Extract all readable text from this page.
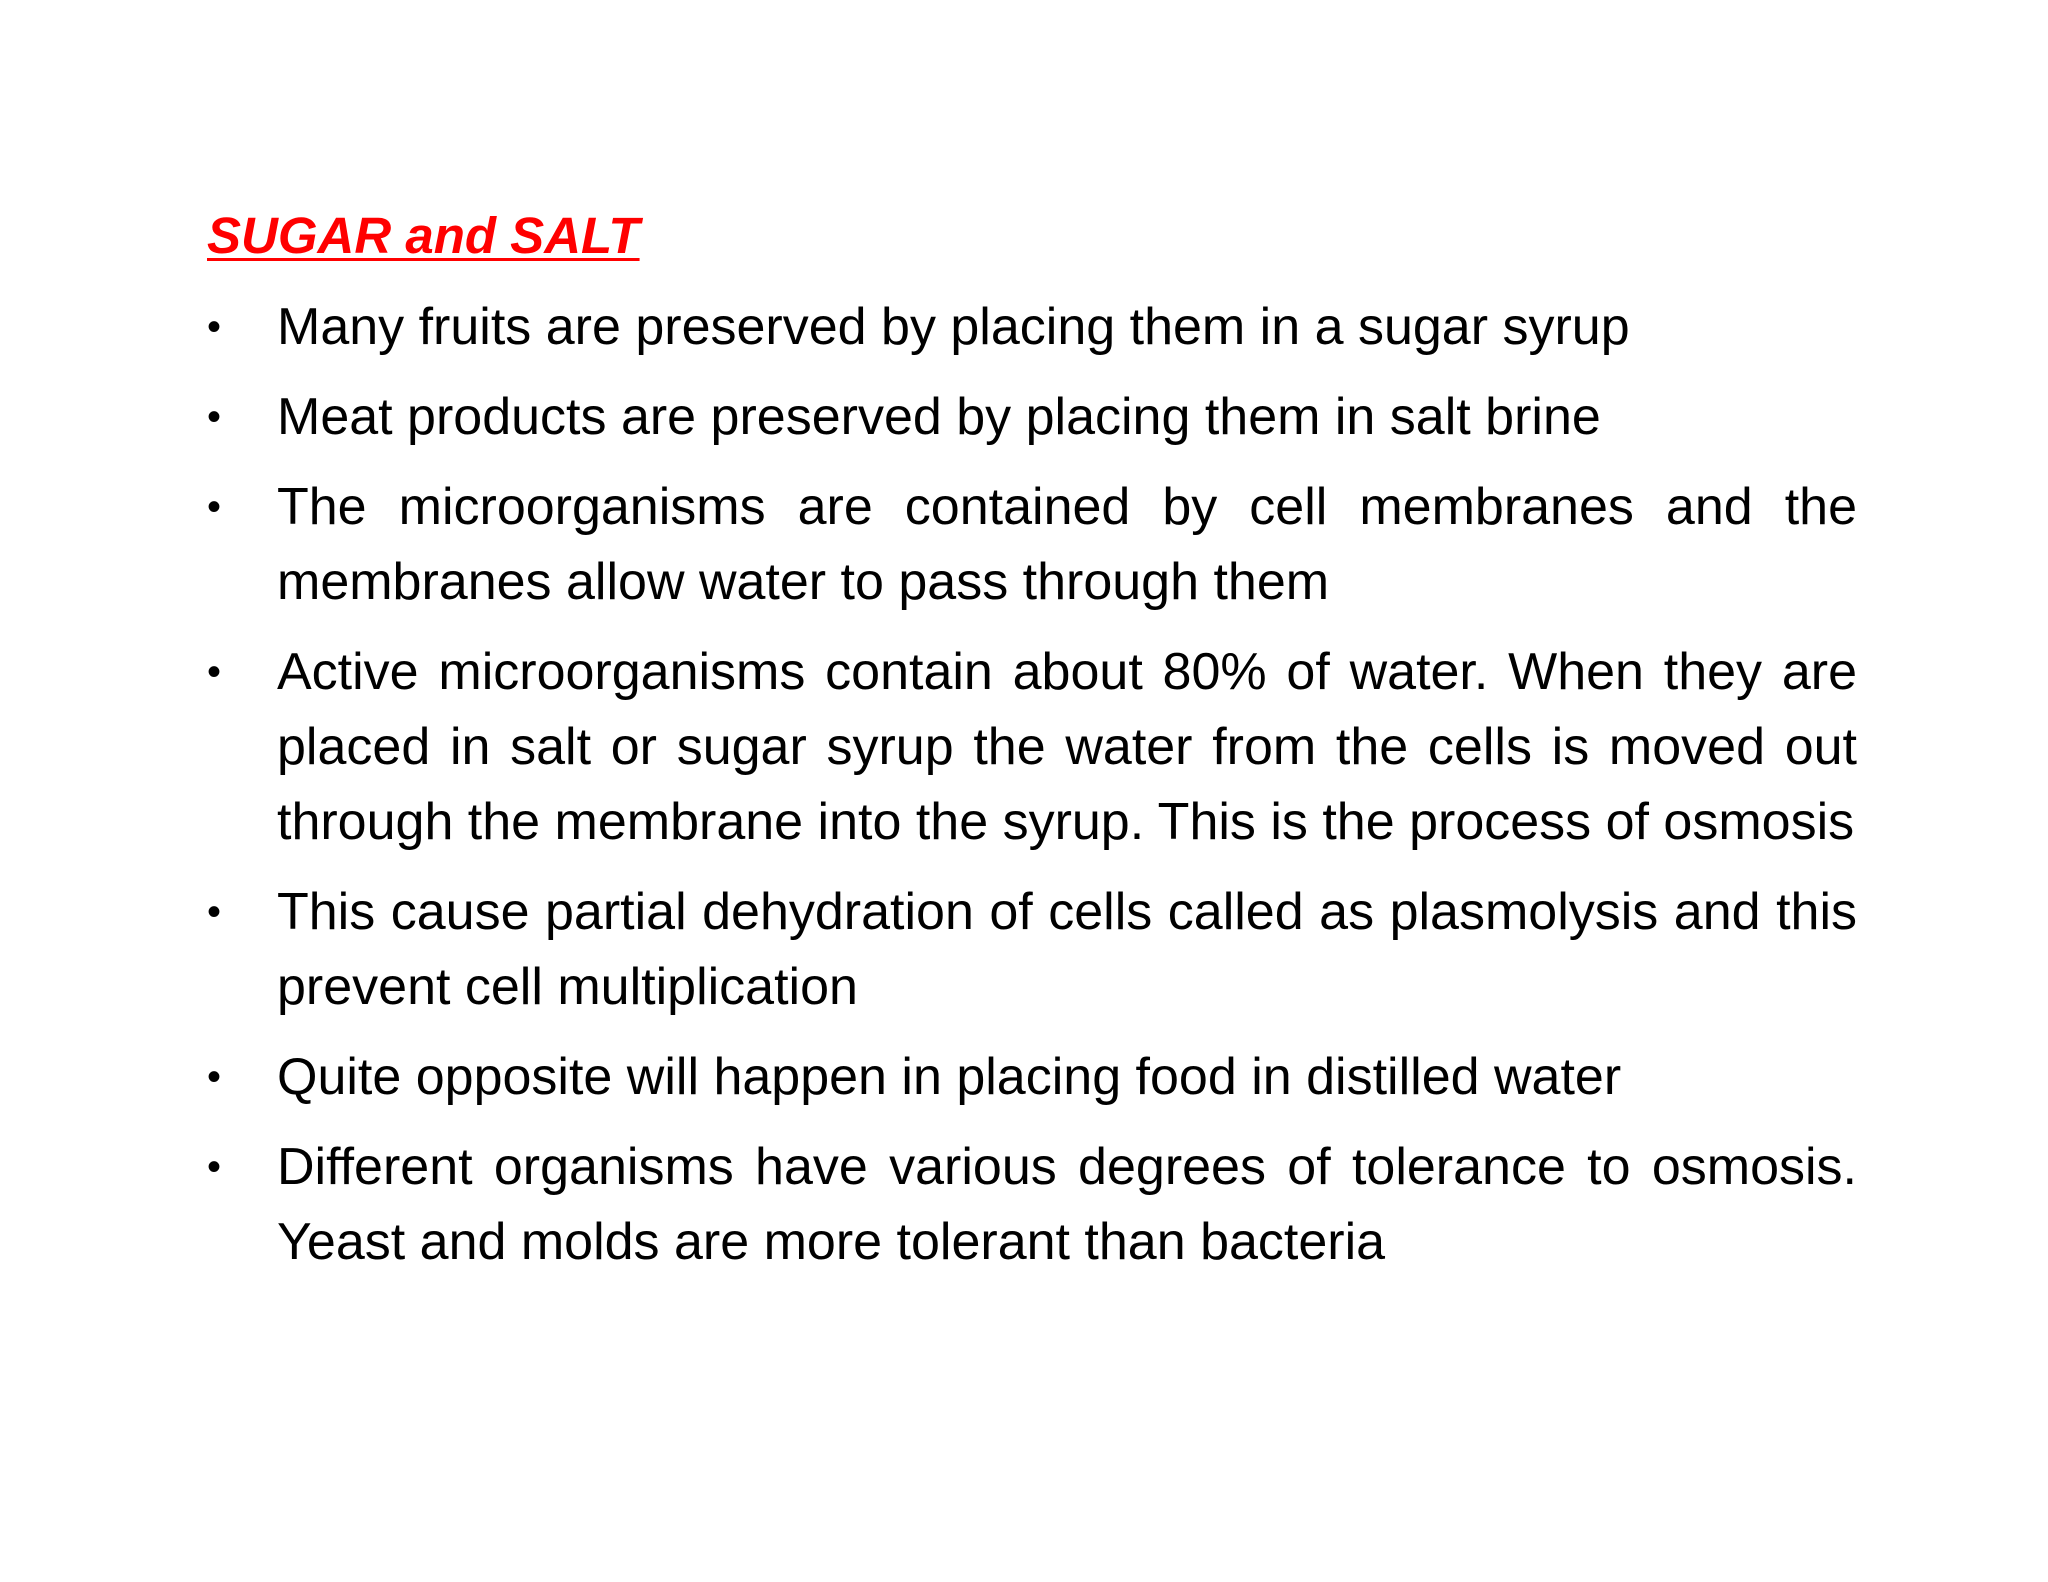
SUGAR and SALT
•	Many fruits are preserved by placing them in a sugar syrup
•	Meat products are preserved by placing them in salt brine
•	The microorganisms are contained by cell membranes and the membranes allow water to pass through them
•	Active microorganisms contain about 80% of water. When they are placed in salt or sugar syrup the water from the cells is moved out through the membrane into the syrup. This is the process of osmosis
•	This cause partial dehydration of cells called as plasmolysis and this prevent cell multiplication
•	Quite opposite will happen in placing food in distilled water
•	Different organisms have various degrees of tolerance to osmosis. Yeast and molds are more tolerant than bacteria
